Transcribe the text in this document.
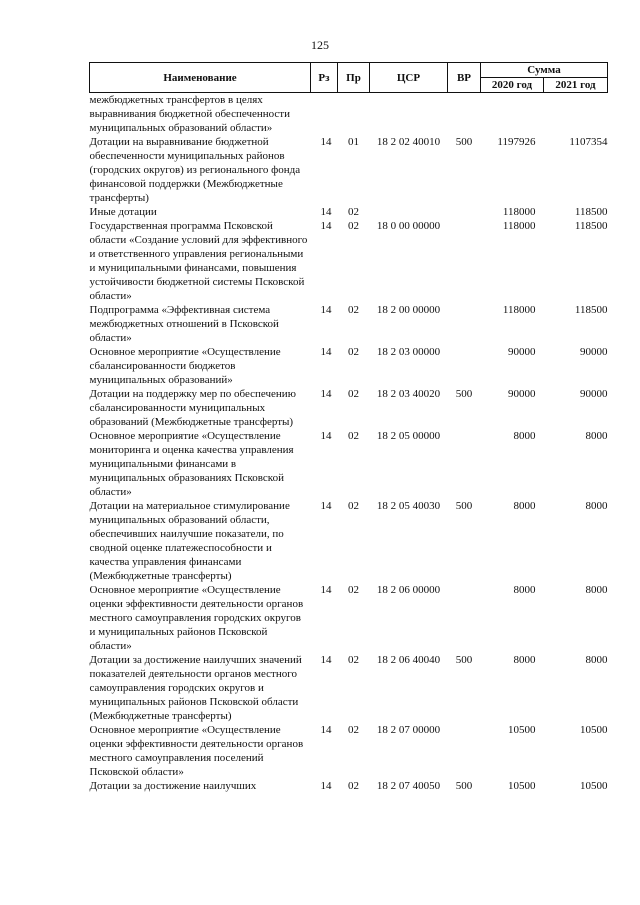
125
Наименование	Рз	Пр	ЦСР	ВР	Сумма	
					2020 год	2021 год
межбюджетных трансфертов в целях выравнивания бюджетной обеспеченности муниципальных образований области»						
Дотации на выравнивание бюджетной обеспеченности муниципальных районов (городских округов) из регионального фонда финансовой поддержки (Межбюджетные трансферты)	14	01	18 2 02 40010	500	1197926	1107354
Иные дотации	14	02			118000	118500
Государственная программа Псковской области «Создание условий для эффективного и ответственного управления региональными и муниципальными финансами, повышения устойчивости бюджетной системы Псковской области»	14	02	18 0 00 00000		118000	118500
Подпрограмма «Эффективная система межбюджетных отношений в Псковской области»	14	02	18 2 00 00000		118000	118500
Основное мероприятие «Осуществление сбалансированности бюджетов муниципальных образований»	14	02	18 2 03 00000		90000	90000
Дотации на поддержку мер по обеспечению сбалансированности муниципальных образований (Межбюджетные трансферты)	14	02	18 2 03 40020	500	90000	90000
Основное мероприятие «Осуществление мониторинга и оценка качества управления муниципальными финансами в муниципальных образованиях Псковской области»	14	02	18 2 05 00000		8000	8000
Дотации на материальное стимулирование муниципальных образований области, обеспечивших наилучшие показатели, по сводной оценке платежеспособности и качества управления финансами (Межбюджетные трансферты)	14	02	18 2 05 40030	500	8000	8000
Основное мероприятие «Осуществление оценки эффективности деятельности органов местного самоуправления городских округов и муниципальных районов Псковской области»	14	02	18 2 06 00000		8000	8000
Дотации за достижение наилучших значений показателей деятельности органов местного самоуправления городских округов и муниципальных районов Псковской области (Межбюджетные трансферты)	14	02	18 2 06 40040	500	8000	8000
Основное мероприятие «Осуществление оценки эффективности деятельности органов местного самоуправления поселений Псковской области»	14	02	18 2 07 00000		10500	10500
Дотации за достижение наилучших	14	02	18 2 07 40050	500	10500	10500
